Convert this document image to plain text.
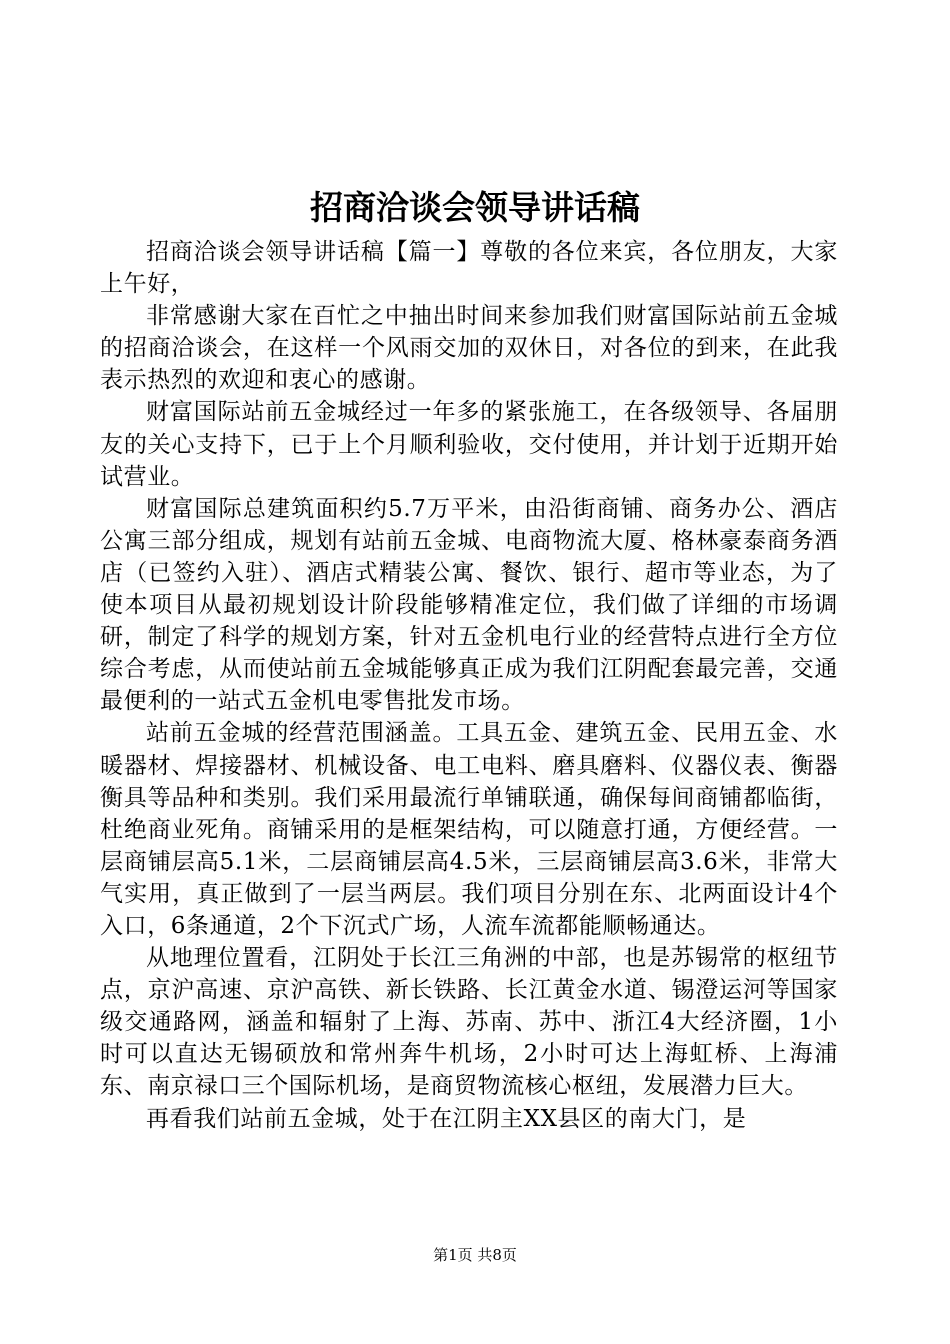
招商洽谈会领导讲话稿

招商洽谈会领导讲话稿【篇一】尊敬的各位来宾，各位朋友，大家上午好，

非常感谢大家在百忙之中抽出时间来参加我们财富国际站前五金城的招商洽谈会，在这样一个风雨交加的双休日，对各位的到来，在此我表示热烈的欢迎和衷心的感谢。

财富国际站前五金城经过一年多的紧张施工，在各级领导、各届朋友的关心支持下，已于上个月顺利验收，交付使用，并计划于近期开始试营业。

财富国际总建筑面积约5.7万平米，由沿街商铺、商务办公、酒店公寓三部分组成，规划有站前五金城、电商物流大厦、格林豪泰商务酒店（已签约入驻）、酒店式精装公寓、餐饮、银行、超市等业态，为了使本项目从最初规划设计阶段能够精准定位，我们做了详细的市场调研，制定了科学的规划方案，针对五金机电行业的经营特点进行全方位综合考虑，从而使站前五金城能够真正成为我们江阴配套最完善，交通最便利的一站式五金机电零售批发市场。

站前五金城的经营范围涵盖。工具五金、建筑五金、民用五金、水暖器材、焊接器材、机械设备、电工电料、磨具磨料、仪器仪表、衡器衡具等品种和类别。我们采用最流行单铺联通，确保每间商铺都临街，杜绝商业死角。商铺采用的是框架结构，可以随意打通，方便经营。一层商铺层高5.1米，二层商铺层高4.5米，三层商铺层高3.6米，非常大气实用，真正做到了一层当两层。我们项目分别在东、北两面设计4个入口，6条通道，2个下沉式广场，人流车流都能顺畅通达。

从地理位置看，江阴处于长江三角洲的中部，也是苏锡常的枢纽节点，京沪高速、京沪高铁、新长铁路、长江黄金水道、锡澄运河等国家级交通路网，涵盖和辐射了上海、苏南、苏中、浙江4大经济圈，1小时可以直达无锡硕放和常州奔牛机场，2小时可达上海虹桥、上海浦东、南京禄口三个国际机场，是商贸物流核心枢纽，发展潜力巨大。

再看我们站前五金城，处于在江阴主XX县区的南大门，是

第1页 共8页
